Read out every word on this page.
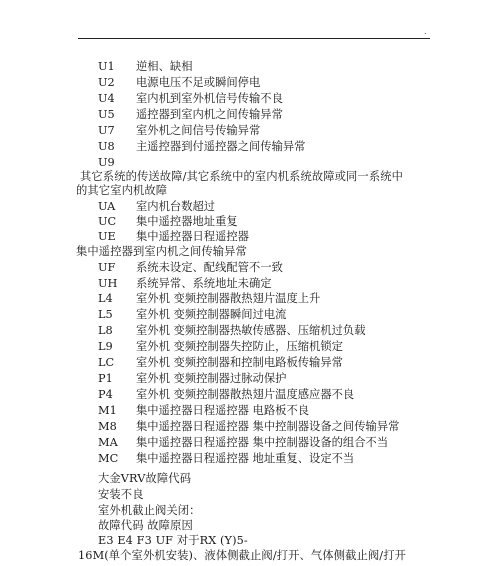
.
U1 逆相、缺相
U2 电源电压不足或瞬间停电
U4 室内机到室外机信号传输不良
U5 遥控器到室内机之间传输异常
U7 室外机之间信号传输异常
U8 主遥控器到付遥控器之间传输异常
U9
其它系统的传送故障/其它系统中的室内机系统故障或同一系统中
的其它室内机故障
UA 室内机台数超过
UC 集中遥控器地址重复
UE 集中遥控器日程遥控器
集中遥控器到室内机之间传输异常
UF 系统未设定、配线配管不一致
UH 系统异常、系统地址未确定
L4 室外机 变频控制器散热翅片温度上升
L5 室外机 变频控制器瞬间过电流
L8 室外机 变频控制器热敏传感器、压缩机过负载
L9 室外机 变频控制器失控防止，压缩机锁定
LC 室外机 变频控制器和控制电路板传输异常
P1 室外机 变频控制器过脉动保护
P4 室外机 变频控制器散热翅片温度感应器不良
M1 集中遥控器日程遥控器 电路板不良
M8 集中遥控器日程遥控器 集中控制器设备之间传输异常
MA 集中遥控器日程遥控器 集中控制器设备的组合不当
MC 集中遥控器日程遥控器 地址重复、设定不当
大金VRV故障代码
安装不良
室外机截止阀关闭：
故障代码 故障原因
E3 E4 F3 UF 对于RX (Y)5-
16M(单个室外机安装)、液体侧截止阀/打开、气体侧截止阀/打开
